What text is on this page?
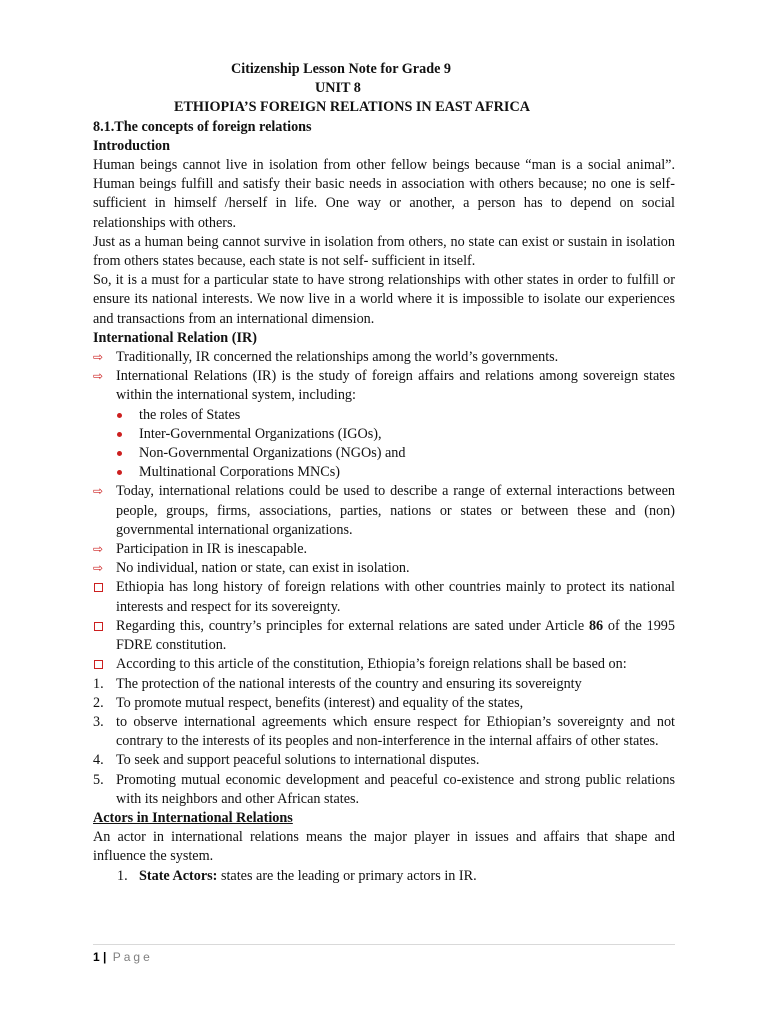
Citizenship Lesson Note for Grade 9
UNIT 8
ETHIOPIA’S FOREIGN RELATIONS IN EAST AFRICA
8.1.The concepts of foreign relations
Introduction

Human beings cannot live in isolation from other fellow beings because “man is a social animal”. Human beings fulfill and satisfy their basic needs in association with others because; no one is self-sufficient in himself /herself in life. One way or another, a person has to depend on social relationships with others.

Just as a human being cannot survive in isolation from others, no state can exist or sustain in isolation from others states because, each state is not self- sufficient in itself.

So, it is a must for a particular state to have strong relationships with other states in order to fulfill or ensure its national interests. We now live in a world where it is impossible to isolate our experiences and transactions from an international dimension.

International Relation (IR)
⇨ Traditionally, IR concerned the relationships among the world’s governments.
⇨ International Relations (IR) is the study of foreign affairs and relations among sovereign states within the international system, including:
the roles of States
Inter-Governmental Organizations (IGOs),
Non-Governmental Organizations (NGOs) and
Multinational Corporations MNCs)
⇨ Today, international relations could be used to describe a range of external interactions between people, groups, firms, associations, parties, nations or states or between these and (non) governmental international organizations.
⇨ Participation in IR is inescapable.
⇨ No individual, nation or state, can exist in isolation.
Ethiopia has long history of foreign relations with other countries mainly to protect its national interests and respect for its sovereignty.
Regarding this, country’s principles for external relations are sated under Article 86 of the 1995 FDRE constitution.
According to this article of the constitution, Ethiopia’s foreign relations shall be based on:
1. The protection of the national interests of the country and ensuring its sovereignty
2. To promote mutual respect, benefits (interest) and equality of the states,
3. to observe international agreements which ensure respect for Ethiopian’s sovereignty and not contrary to the interests of its peoples and non-interference in the internal affairs of other states.
4. To seek and support peaceful solutions to international disputes.
5. Promoting mutual economic development and peaceful co-existence and strong public relations with its neighbors and other African states.
Actors in International Relations

An actor in international relations means the major player in issues and affairs that shape and influence the system.

1. State Actors: states are the leading or primary actors in IR.
1 | Page
